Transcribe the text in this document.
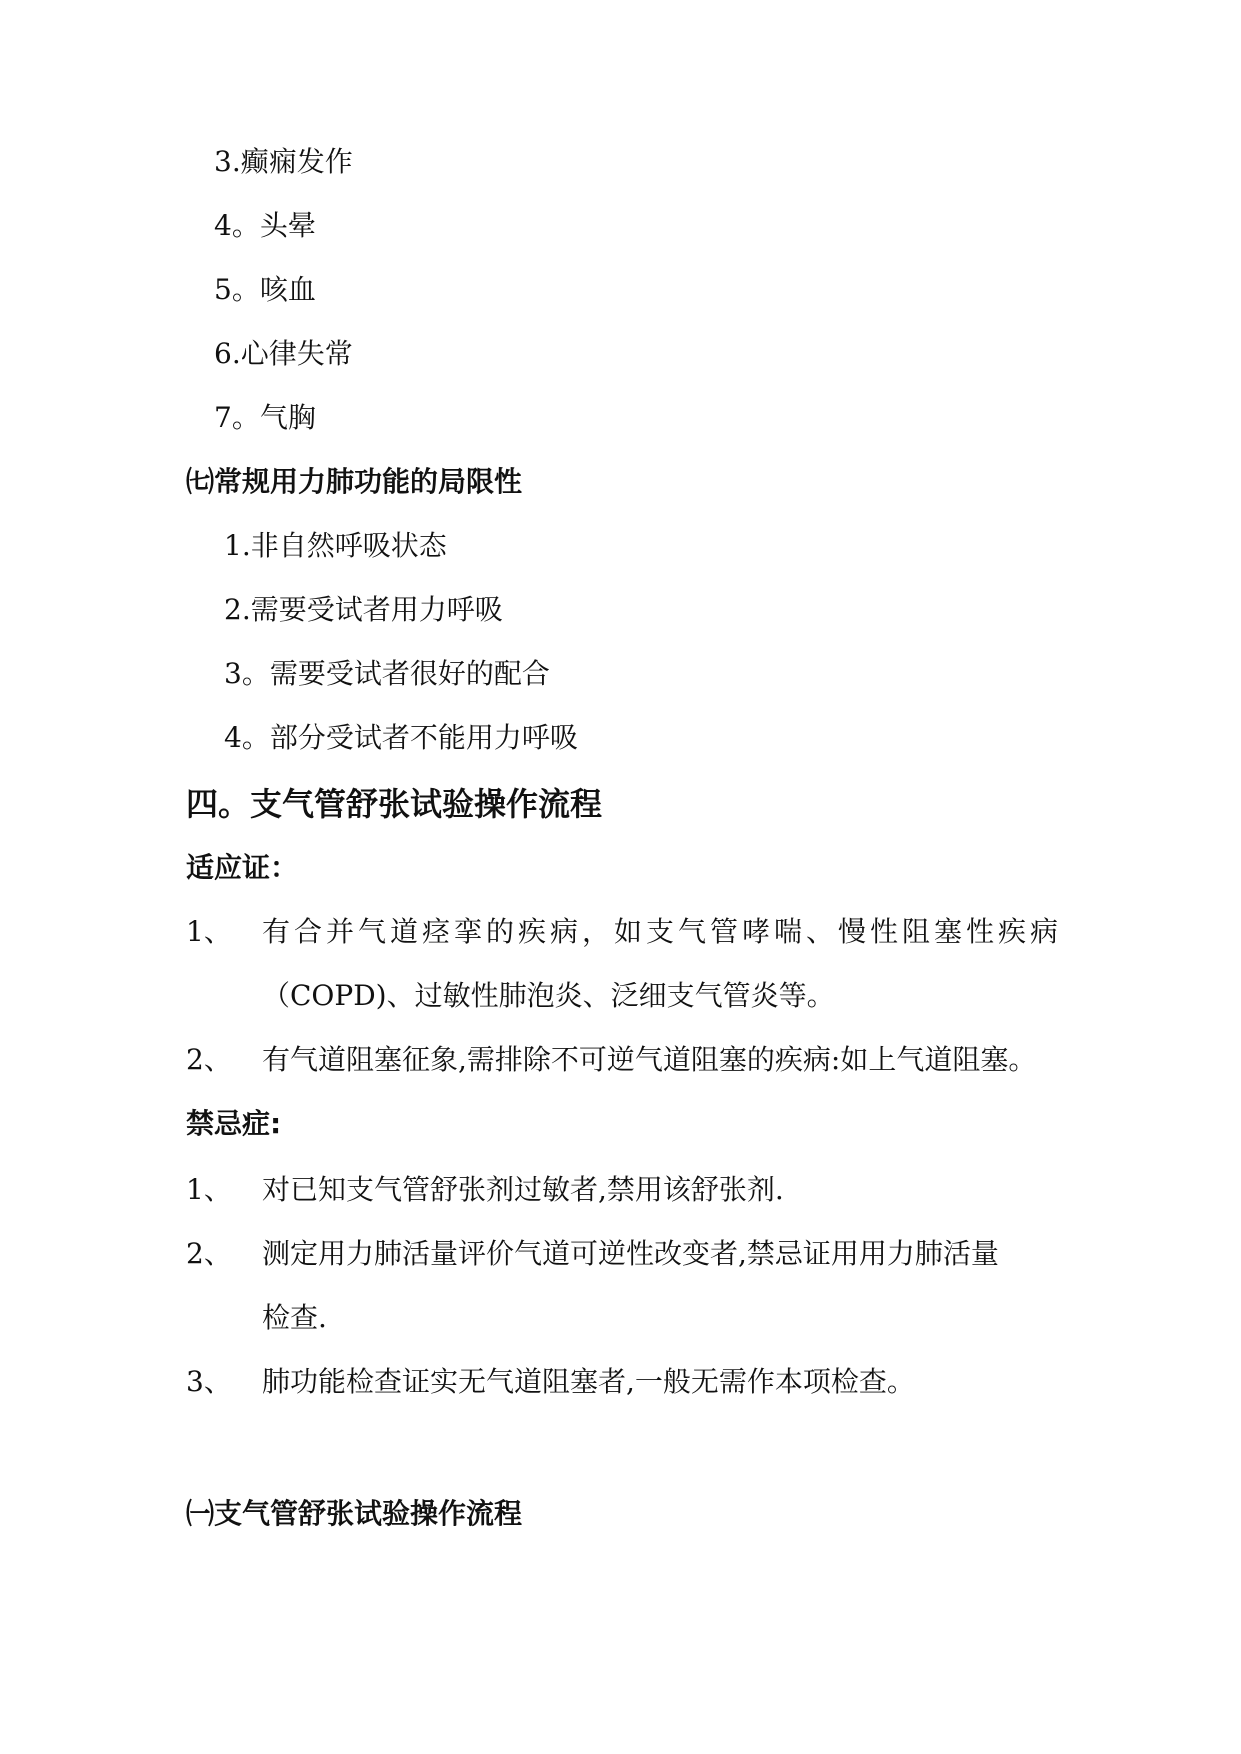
3.癫痫发作
4。头晕
5。咳血
6.心律失常
7。气胸
㈦常规用力肺功能的局限性
1.非自然呼吸状态
2.需要受试者用力呼吸
3。需要受试者很好的配合
4。部分受试者不能用力呼吸
四。支气管舒张试验操作流程
适应证：
1、 有合并气道痉挛的疾病，如支气管哮喘、慢性阻塞性疾病
（COPD)、过敏性肺泡炎、泛细支气管炎等。
2、 有气道阻塞征象,需排除不可逆气道阻塞的疾病:如上气道阻塞。
禁忌症:
1、 对已知支气管舒张剂过敏者,禁用该舒张剂.
2、 测定用力肺活量评价气道可逆性改变者,禁忌证用用力肺活量
检查.
3、 肺功能检查证实无气道阻塞者,一般无需作本项检查。
㈠支气管舒张试验操作流程
